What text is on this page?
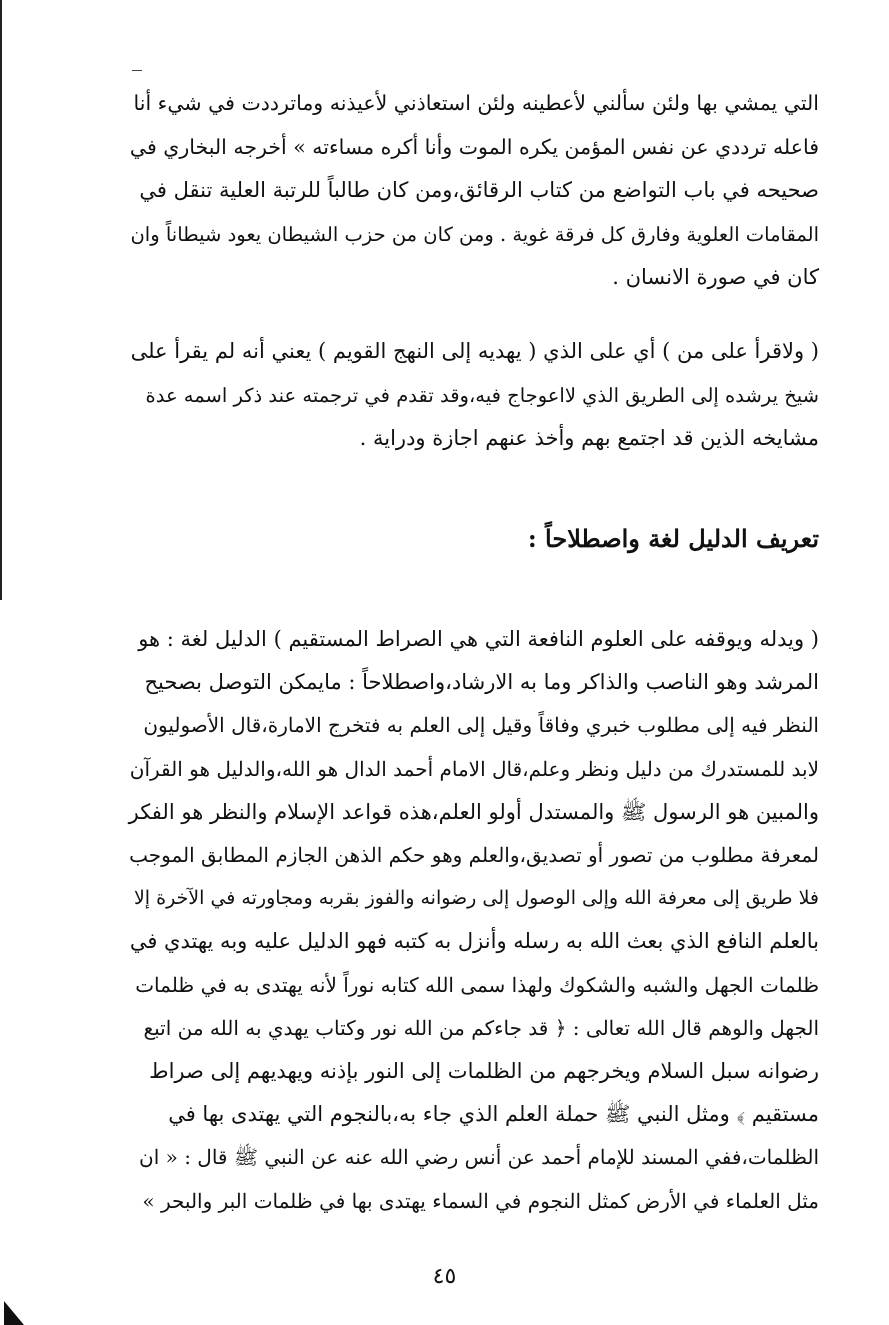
التي يمشي بها ولئن سألني لأعطينه ولئن استعاذني لأعيذنه وماترددت في شيء أنا
فاعله ترددي عن نفس المؤمن يكره الموت وأنا أكره مساءته » أخرجه البخاري في
صحيحه في باب التواضع من كتاب الرقائق،ومن كان طالباً للرتبة العلية تنقل في
المقامات العلوية وفارق كل فرقة غوية . ومن كان من حزب الشيطان يعود شيطاناً وان
كان في صورة الانسان .
( ولاقرأ على من ) أي على الذي ( يهديه إلى النهج القويم ) يعني أنه لم يقرأ على
شيخ يرشده إلى الطريق الذي لااعوجاج فيه،وقد تقدم في ترجمته عند ذكر اسمه عدة
مشايخه الذين قد اجتمع بهم وأخذ عنهم اجازة ودراية .
تعريف الدليل لغة واصطلاحاً :
( ويدله ويوقفه على العلوم النافعة التي هي الصراط المستقيم ) الدليل لغة : هو
المرشد وهو الناصب والذاكر وما به الارشاد،واصطلاحاً : مايمكن التوصل بصحيح
النظر فيه إلى مطلوب خبري وفاقاً وقيل إلى العلم به فتخرج الامارة،قال الأصوليون
لابد للمستدرك من دليل ونظر وعلم،قال الامام أحمد الدال هو الله،والدليل هو القرآن
والمبين هو الرسول ﷺ والمستدل أولو العلم،هذه قواعد الإسلام والنظر هو الفكر
لمعرفة مطلوب من تصور أو تصديق،والعلم وهو حكم الذهن الجازم المطابق الموجب
فلا طريق إلى معرفة الله وإلى الوصول إلى رضوانه والفوز بقربه ومجاورته في الآخرة إلا
بالعلم النافع الذي بعث الله به رسله وأنزل به كتبه فهو الدليل عليه وبه يهتدي في
ظلمات الجهل والشبه والشكوك ولهذا سمى الله كتابه نوراً لأنه يهتدى به في ظلمات
الجهل والوهم قال الله تعالى : ﴿ قد جاءكم من الله نور وكتاب يهدي به الله من اتبع
رضوانه سبل السلام ويخرجهم من الظلمات إلى النور بإذنه ويهديهم إلى صراط
مستقيم ﴾ ومثل النبي ﷺ حملة العلم الذي جاء به،بالنجوم التي يهتدى بها في
الظلمات،ففي المسند للإمام أحمد عن أنس رضي الله عنه عن النبي ﷺ قال : « ان
مثل العلماء في الأرض كمثل النجوم في السماء يهتدى بها في ظلمات البر والبحر »
٤٥
